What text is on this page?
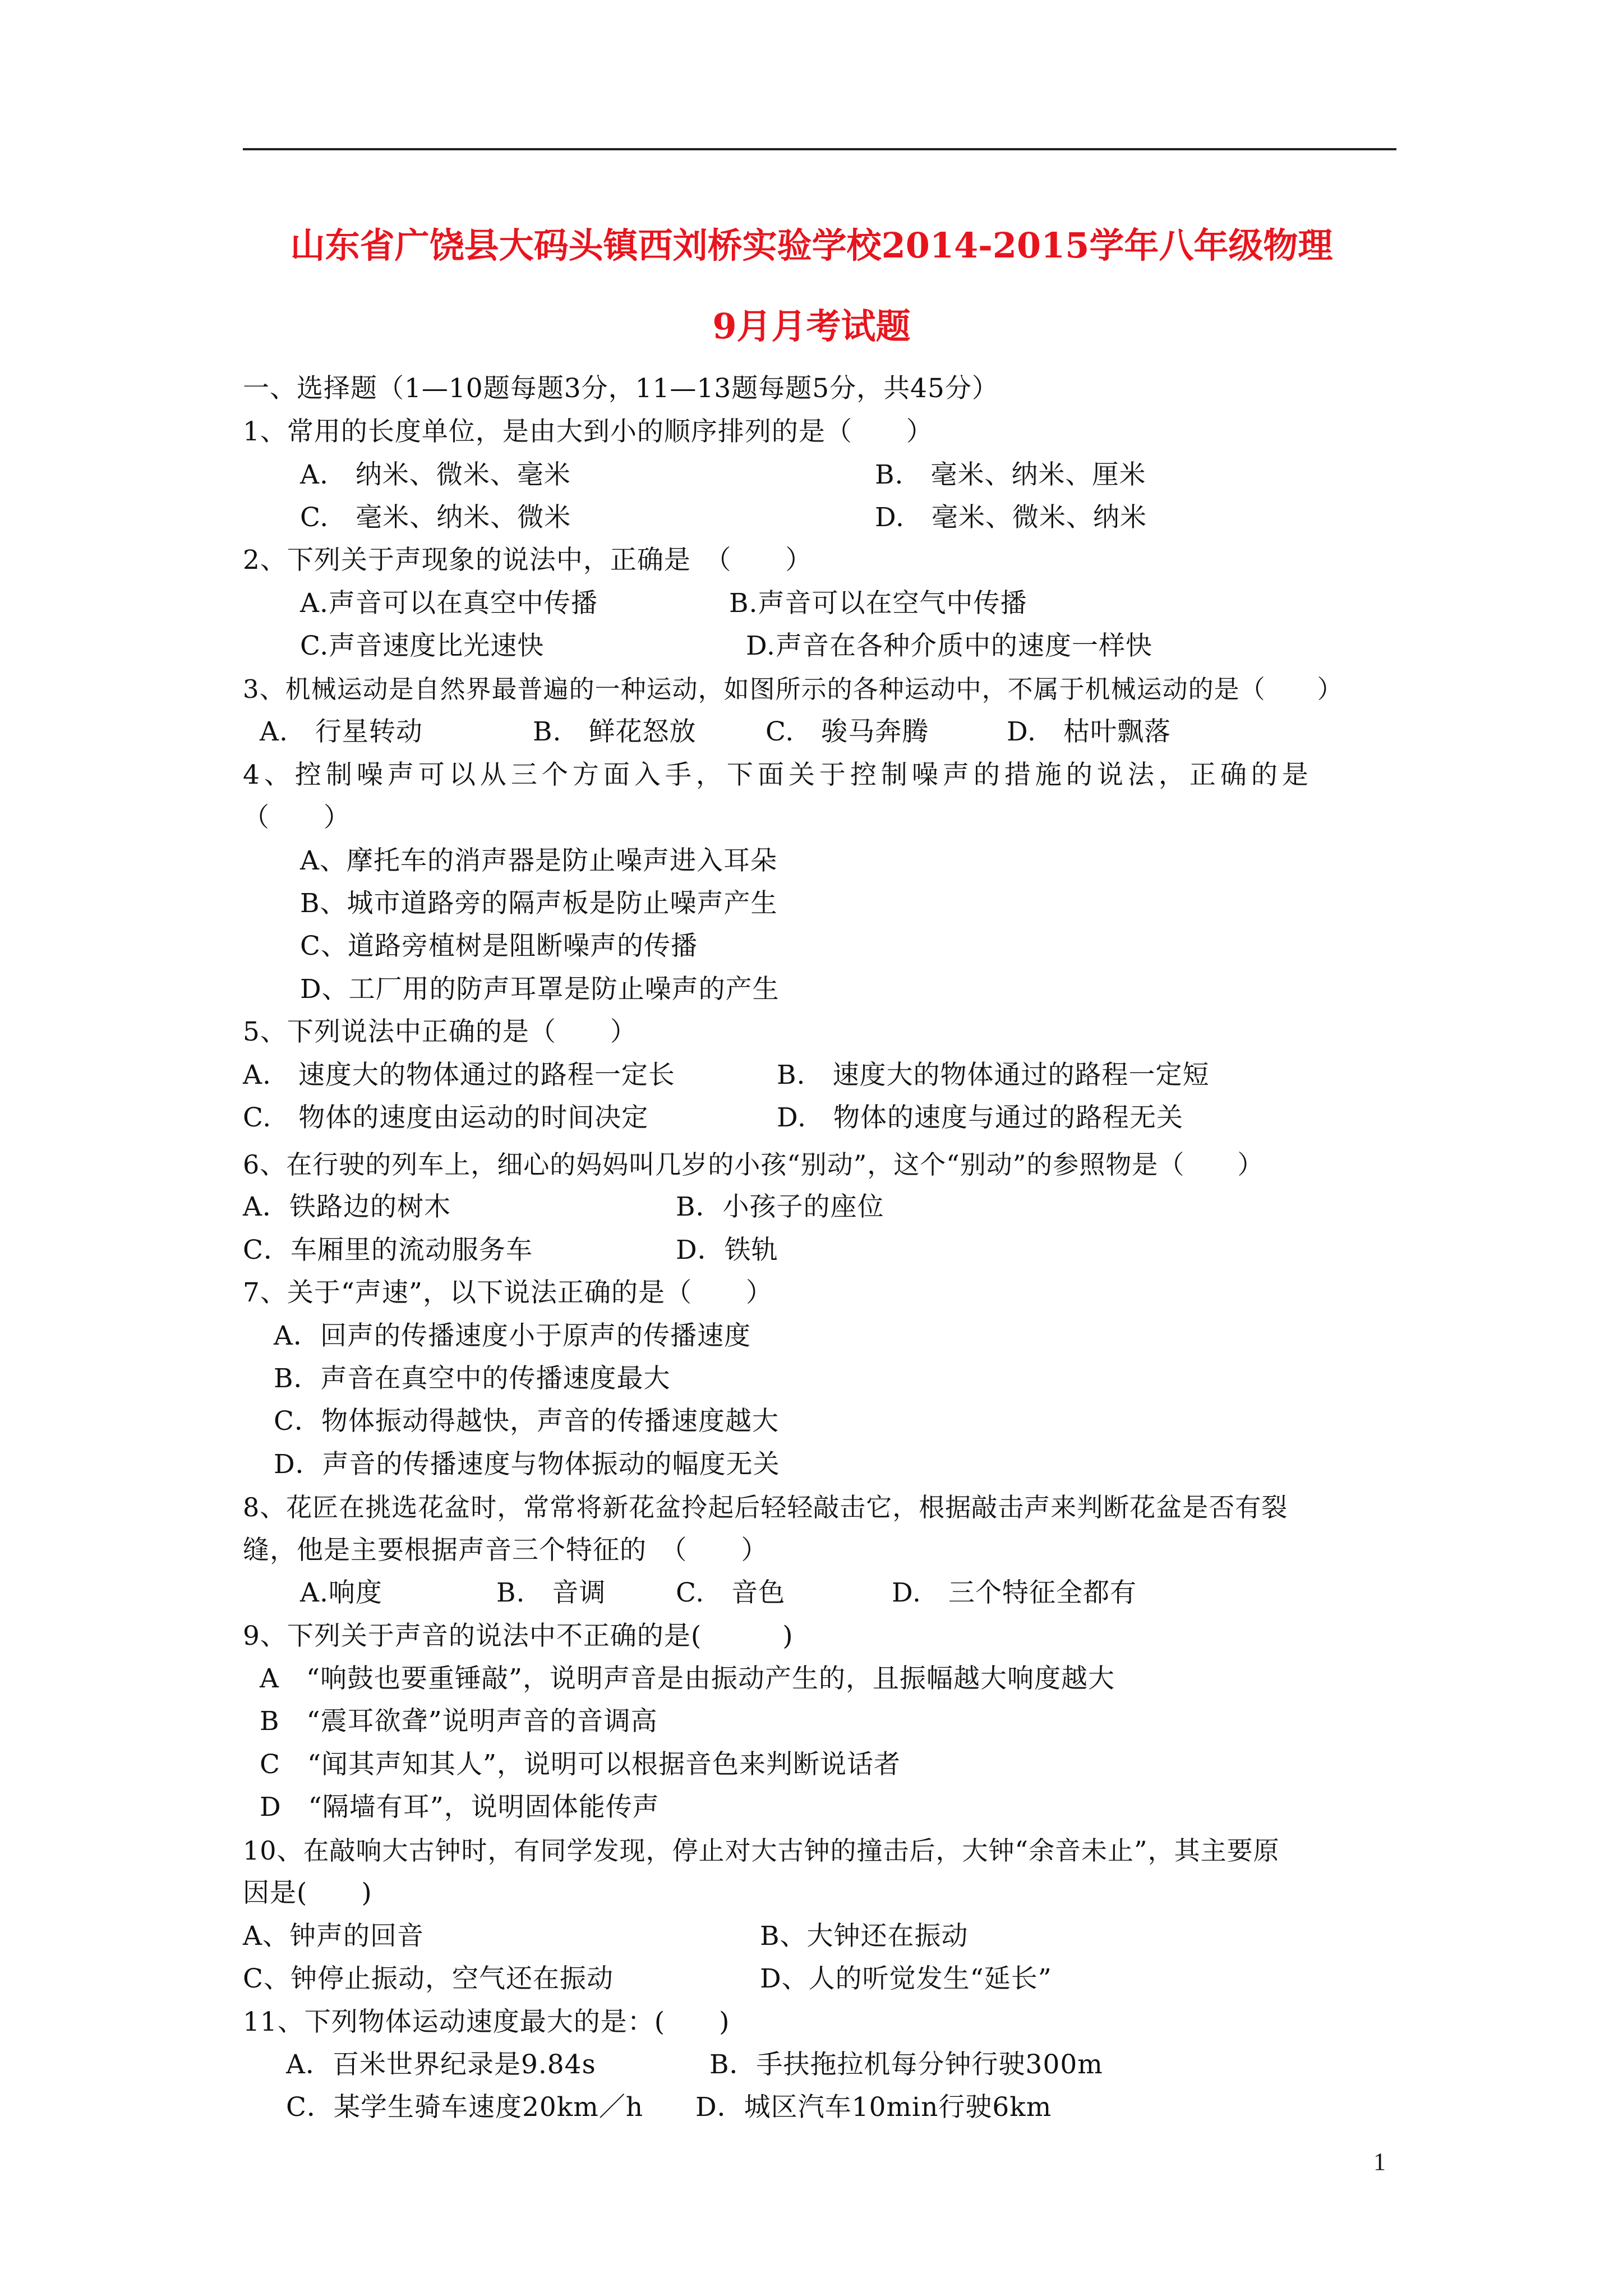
山东省广饶县大码头镇西刘桥实验学校2014-2015学年八年级物理
9月月考试题
一、选择题（1—10题每题3分，11—13题每题5分，共45分）
1、常用的长度单位，是由大到小的顺序排列的是（　　）
A.　纳米、微米、毫米	B.　毫米、纳米、厘米
C.　毫米、纳米、微米	D.　毫米、微米、纳米
2、下列关于声现象的说法中，正确是　（　　）
A.声音可以在真空中传播	B.声音可以在空气中传播
C.声音速度比光速快	D.声音在各种介质中的速度一样快
3、机械运动是自然界最普遍的一种运动，如图所示的各种运动中，不属于机械运动的是（　　）
A.　行星转动	B.　鲜花怒放	C.　骏马奔腾	D.　枯叶飘落
4、控制噪声可以从三个方面入手，下面关于控制噪声的措施的说法，正确的是
（　　）
A、摩托车的消声器是防止噪声进入耳朵
B、城市道路旁的隔声板是防止噪声产生
C、道路旁植树是阻断噪声的传播
D、工厂用的防声耳罩是防止噪声的产生
5、下列说法中正确的是（　　）
A.　速度大的物体通过的路程一定长	B.　速度大的物体通过的路程一定短
C.　物体的速度由运动的时间决定	D.　物体的速度与通过的路程无关
6、在行驶的列车上，细心的妈妈叫几岁的小孩“别动”，这个“别动”的参照物是（　　）
A．铁路边的树木	B．小孩子的座位
C．车厢里的流动服务车	D．铁轨
7、关于“声速”，以下说法正确的是（　　）
A．回声的传播速度小于原声的传播速度
B．声音在真空中的传播速度最大
C．物体振动得越快，声音的传播速度越大
D．声音的传播速度与物体振动的幅度无关
8、花匠在挑选花盆时，常常将新花盆拎起后轻轻敲击它，根据敲击声来判断花盆是否有裂
缝，他是主要根据声音三个特征的　（　　）
A.响度	B.　音调	C.　音色	D.　三个特征全都有
9、下列关于声音的说法中不正确的是(　　　)
A　“响鼓也要重锤敲”，说明声音是由振动产生的，且振幅越大响度越大
B　“震耳欲聋”说明声音的音调高
C　“闻其声知其人”，说明可以根据音色来判断说话者
D　“隔墙有耳”，说明固体能传声
10、在敲响大古钟时，有同学发现，停止对大古钟的撞击后，大钟“余音未止”，其主要原
因是(　　)
A、钟声的回音	B、大钟还在振动
C、钟停止振动，空气还在振动	D、人的听觉发生“延长”
11、下列物体运动速度最大的是：(　　)
A．百米世界纪录是9.84s	B．手扶拖拉机每分钟行驶300m
C．某学生骑车速度20km／h D．城区汽车10min行驶6km
1
